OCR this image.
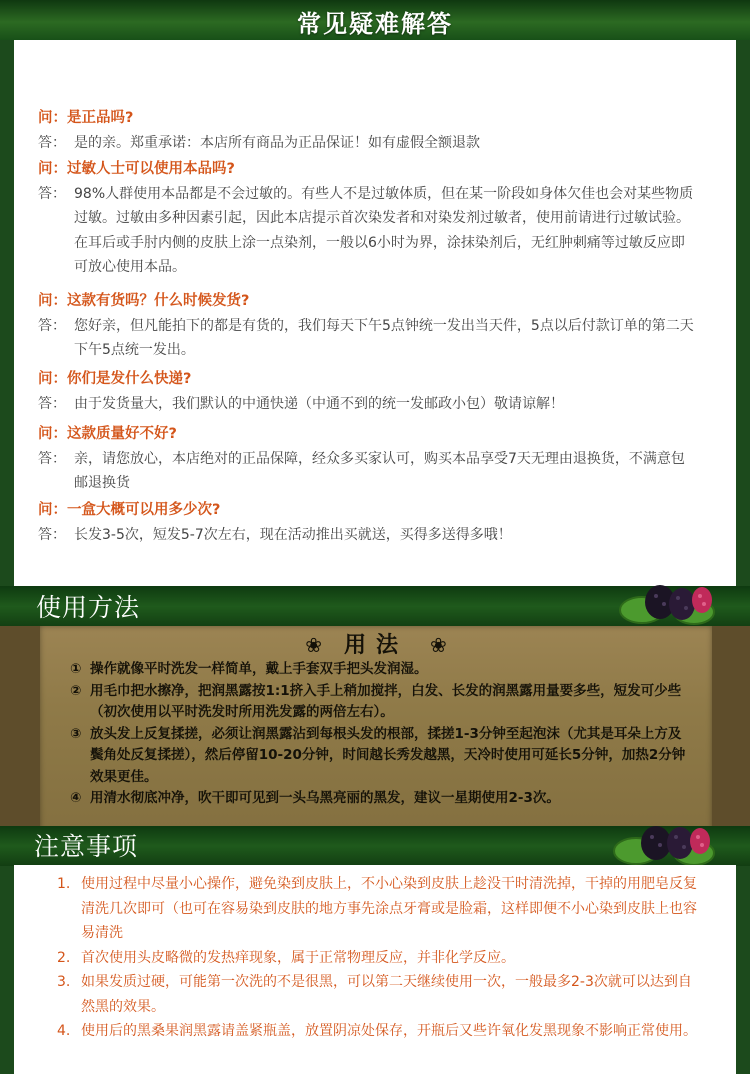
常见疑难解答
问：是正品吗?
答： 是的亲。郑重承诺：本店所有商品为正品保证！如有虚假全额退款
问：过敏人士可以使用本品吗?
答： 98%人群使用本品都是不会过敏的。有些人不是过敏体质，但在某一阶段如身体欠佳也会对某些物质过敏。过敏由多种因素引起，因此本店提示首次染发者和对染发剂过敏者，使用前请进行过敏试验。在耳后或手肘内侧的皮肤上涂一点染剂，一般以6小时为界，涂抹染剂后，无红肿刺痛等过敏反应即可放心使用本品。
问：这款有货吗？什么时候发货?
答： 您好亲，但凡能拍下的都是有货的，我们每天下午5点钟统一发出当天件，5点以后付款订单的第二天下午5点统一发出。
问：你们是发什么快递?
答： 由于发货量大，我们默认的中通快递（中通不到的统一发邮政小包）敬请谅解！
问：这款质量好不好?
答： 亲，请您放心，本店绝对的正品保障，经众多买家认可，购买本品享受7天无理由退换货，不满意包邮退换货
问：一盒大概可以用多少次?
答： 长发3-5次，短发5-7次左右，现在活动推出买就送，买得多送得多哦！
使用方法
❀ 用法 ❀
① 操作就像平时洗发一样简单，戴上手套双手把头发润湿。
② 用毛巾把水擦净，把润黑露按1:1挤入手上稍加搅拌，白发、长发的润黑露用量要多些，短发可少些（初次使用以平时洗发时所用洗发露的两倍左右）。
③ 放头发上反复揉搓，必须让润黑露沾到每根头发的根部，揉搓1-3分钟至起泡沫（尤其是耳朵上方及鬓角处反复揉搓），然后停留10-20分钟，时间越长秀发越黑，天冷时使用可延长5分钟，加热2分钟效果更佳。
④ 用清水彻底冲净，吹干即可见到一头乌黑亮丽的黑发，建议一星期使用2-3次。
注意事项
1. 使用过程中尽量小心操作，避免染到皮肤上，不小心染到皮肤上趁没干时清洗掉，干掉的用肥皂反复清洗几次即可（也可在容易染到皮肤的地方事先涂点牙膏或是脸霜，这样即便不小心染到皮肤上也容易清洗
2. 首次使用头皮略微的发热痒现象，属于正常物理反应，并非化学反应。
3. 如果发质过硬，可能第一次洗的不是很黑，可以第二天继续使用一次，一般最多2-3次就可以达到自然黑的效果。
4. 使用后的黑桑果润黑露请盖紧瓶盖，放置阴凉处保存，开瓶后又些许氧化发黑现象不影响正常使用。
